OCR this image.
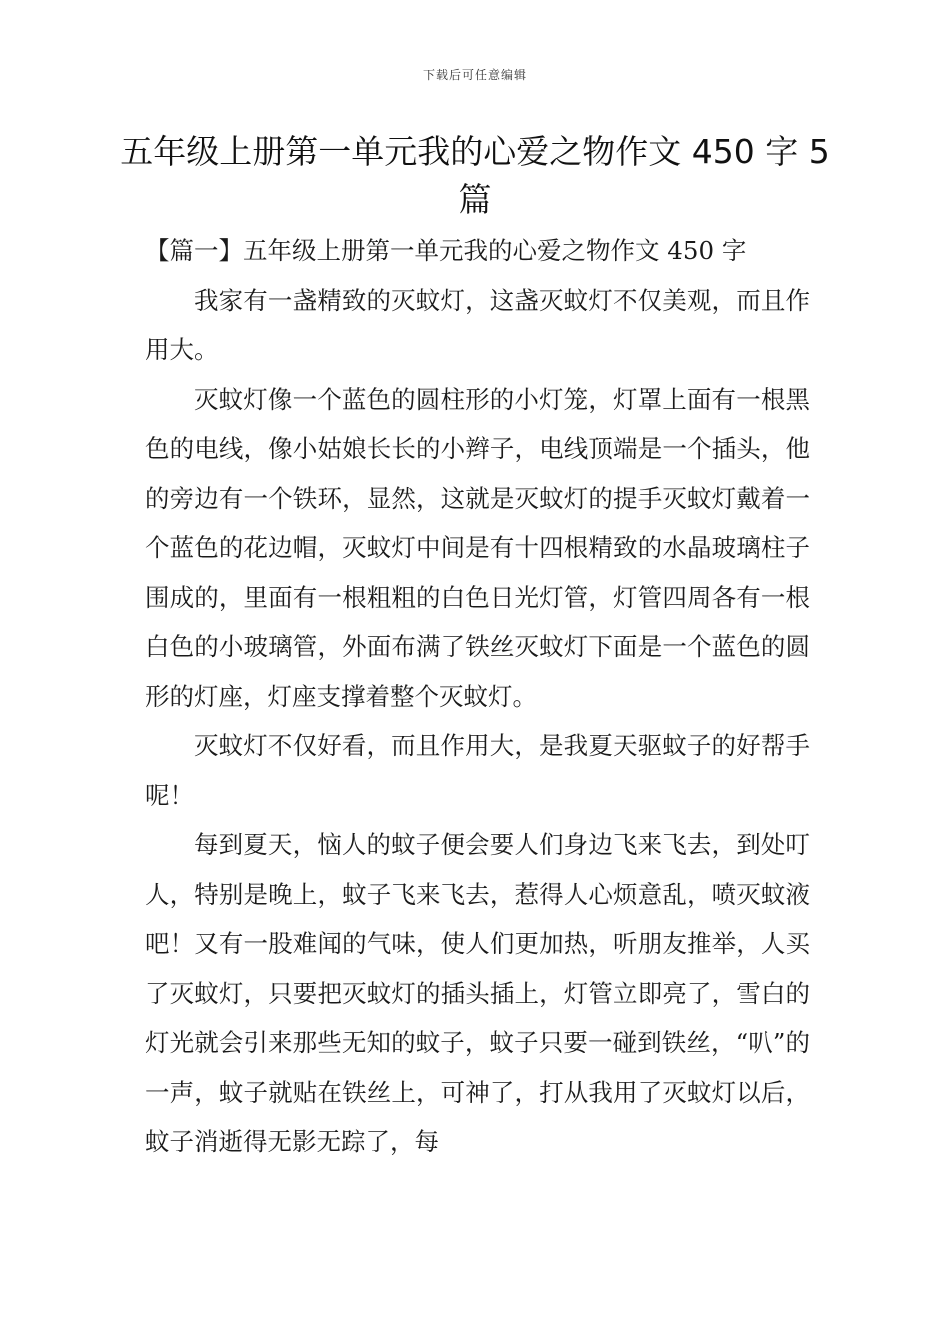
下载后可任意编辑
五年级上册第一单元我的心爱之物作文 450 字 5 篇

【篇一】五年级上册第一单元我的心爱之物作文 450 字

我家有一盏精致的灭蚊灯，这盏灭蚊灯不仅美观，而且作用大。

灭蚊灯像一个蓝色的圆柱形的小灯笼，灯罩上面有一根黑色的电线，像小姑娘长长的小辫子，电线顶端是一个插头，他的旁边有一个铁环，显然，这就是灭蚊灯的提手灭蚊灯戴着一个蓝色的花边帽，灭蚊灯中间是有十四根精致的水晶玻璃柱子围成的，里面有一根粗粗的白色日光灯管，灯管四周各有一根白色的小玻璃管，外面布满了铁丝灭蚊灯下面是一个蓝色的圆形的灯座，灯座支撑着整个灭蚊灯。

灭蚊灯不仅好看，而且作用大，是我夏天驱蚊子的好帮手呢！

每到夏天，恼人的蚊子便会要人们身边飞来飞去，到处叮人，特别是晚上，蚊子飞来飞去，惹得人心烦意乱，喷灭蚊液吧！又有一股难闻的气味，使人们更加热，听朋友推举，人买了灭蚊灯，只要把灭蚊灯的插头插上，灯管立即亮了，雪白的灯光就会引来那些无知的蚊子，蚊子只要一碰到铁丝，“叭”的一声，蚊子就贴在铁丝上，可神了，打从我用了灭蚊灯以后，蚊子消逝得无影无踪了，每
